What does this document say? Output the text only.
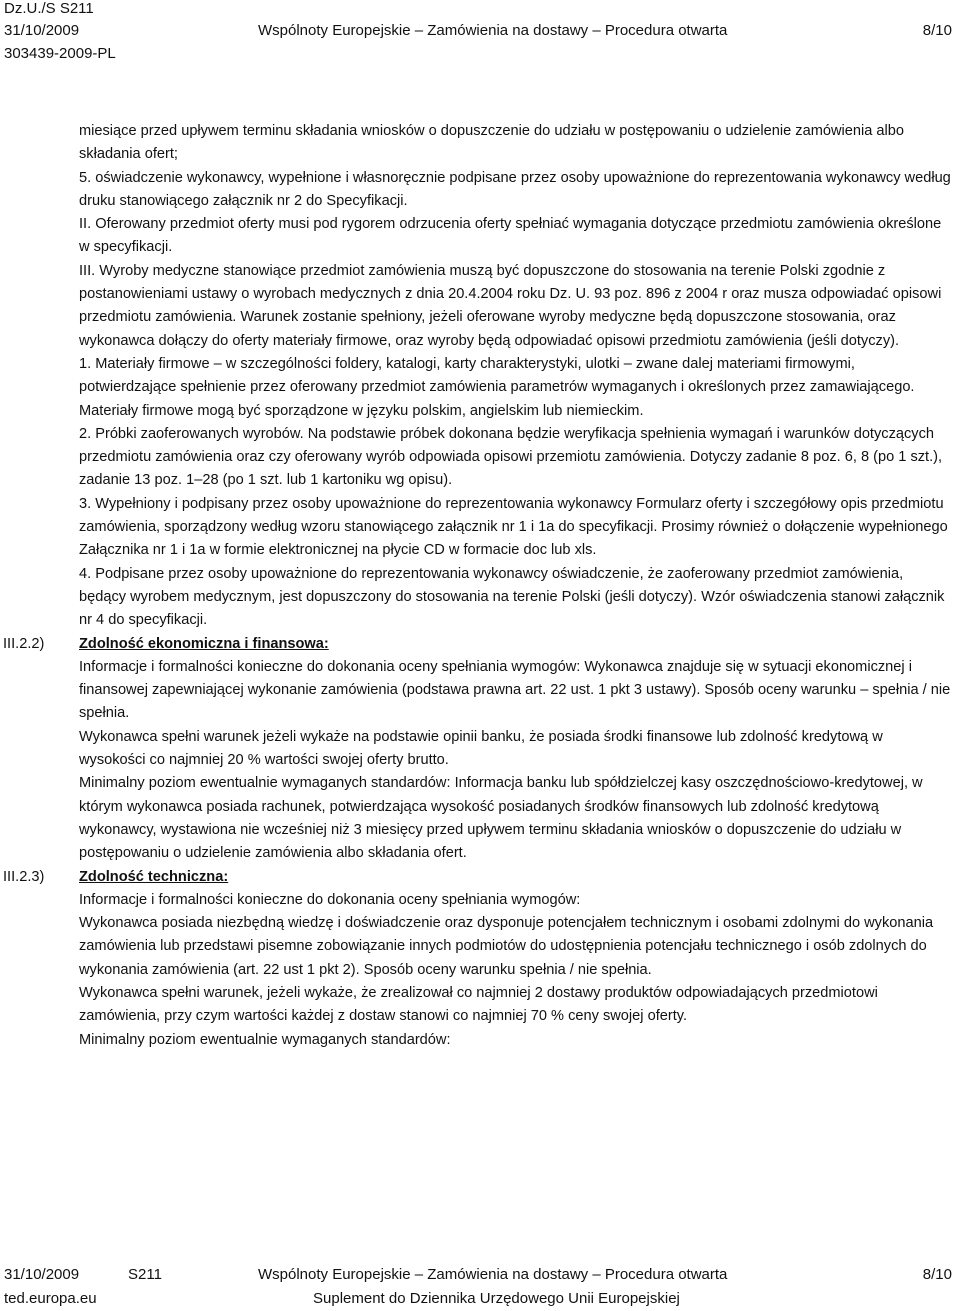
Dz.U./S S211
31/10/2009
303439-2009-PL
Wspólnoty Europejskie – Zamówienia na dostawy – Procedura otwarta	8/10

miesiące przed upływem terminu składania wniosków o dopuszczenie do udziału w postępowaniu o udzielenie zamówienia albo składania ofert;

5. oświadczenie wykonawcy, wypełnione i własnoręcznie podpisane przez osoby upoważnione do reprezentowania wykonawcy według druku stanowiącego załącznik nr 2 do Specyfikacji.

II. Oferowany przedmiot oferty musi pod rygorem odrzucenia oferty spełniać wymagania dotyczące przedmiotu zamówienia określone w specyfikacji.

III. Wyroby medyczne stanowiące przedmiot zamówienia muszą być dopuszczone do stosowania na terenie Polski zgodnie z postanowieniami ustawy o wyrobach medycznych z dnia 20.4.2004 roku Dz. U. 93 poz. 896 z 2004 r oraz musza odpowiadać opisowi przedmiotu zamówienia. Warunek zostanie spełniony, jeżeli oferowane wyroby medyczne będą dopuszczone stosowania, oraz wykonawca dołączy do oferty materiały firmowe, oraz wyroby będą odpowiadać opisowi przedmiotu zamówienia (jeśli dotyczy).

1. Materiały firmowe – w szczególności foldery, katalogi, karty charakterystyki, ulotki – zwane dalej materiami firmowymi, potwierdzające spełnienie przez oferowany przedmiot zamówienia parametrów wymaganych i określonych przez zamawiającego. Materiały firmowe mogą być sporządzone w języku polskim, angielskim lub niemieckim.

2. Próbki zaoferowanych wyrobów. Na podstawie próbek dokonana będzie weryfikacja spełnienia wymagań i warunków dotyczących przedmiotu zamówienia oraz czy oferowany wyrób odpowiada opisowi przemiotu zamówienia. Dotyczy zadanie 8 poz. 6, 8 (po 1 szt.), zadanie 13 poz. 1–28 (po 1 szt. lub 1 kartoniku wg opisu).

3. Wypełniony i podpisany przez osoby upoważnione do reprezentowania wykonawcy Formularz oferty i szczegółowy opis przedmiotu zamówienia, sporządzony według wzoru stanowiącego załącznik nr 1 i 1a do specyfikacji. Prosimy również o dołączenie wypełnionego Załącznika nr 1 i 1a w formie elektronicznej na płycie CD w formacie doc lub xls.

4. Podpisane przez osoby upoważnione do reprezentowania wykonawcy oświadczenie, że zaoferowany przedmiot zamówienia, będący wyrobem medycznym, jest dopuszczony do stosowania na terenie Polski (jeśli dotyczy). Wzór oświadczenia stanowi załącznik nr 4 do specyfikacji.

III.2.2) Zdolność ekonomiczna i finansowa:

Informacje i formalności konieczne do dokonania oceny spełniania wymogów: Wykonawca znajduje się w sytuacji ekonomicznej i finansowej zapewniającej wykonanie zamówienia (podstawa prawna art. 22 ust. 1 pkt 3 ustawy). Sposób oceny warunku – spełnia / nie spełnia.

Wykonawca spełni warunek jeżeli wykaże na podstawie opinii banku, że posiada środki finansowe lub zdolność kredytową w wysokości co najmniej 20 % wartości swojej oferty brutto.

Minimalny poziom ewentualnie wymaganych standardów: Informacja banku lub spółdzielczej kasy oszczędnościowo-kredytowej, w którym wykonawca posiada rachunek, potwierdzająca wysokość posiadanych środków finansowych lub zdolność kredytową wykonawcy, wystawiona nie wcześniej niż 3 miesięcy przed upływem terminu składania wniosków o dopuszczenie do udziału w postępowaniu o udzielenie zamówienia albo składania ofert.

III.2.3) Zdolność techniczna:

Informacje i formalności konieczne do dokonania oceny spełniania wymogów:

Wykonawca posiada niezbędną wiedzę i doświadczenie oraz dysponuje potencjałem technicznym i osobami zdolnymi do wykonania zamówienia lub przedstawi pisemne zobowiązanie innych podmiotów do udostępnienia potencjału technicznego i osób zdolnych do wykonania zamówienia (art. 22 ust 1 pkt 2). Sposób oceny warunku spełnia / nie spełnia.

Wykonawca spełni warunek, jeżeli wykaże, że zrealizował co najmniej 2 dostawy produktów odpowiadających przedmiotowi zamówienia, przy czym wartości każdej z dostaw stanowi co najmniej 70 % ceny swojej oferty.

Minimalny poziom ewentualnie wymaganych standardów:

31/10/2009	S211	Wspólnoty Europejskie – Zamówienia na dostawy – Procedura otwarta	8/10
ted.europa.eu	Suplement do Dziennika Urzędowego Unii Europejskiej
